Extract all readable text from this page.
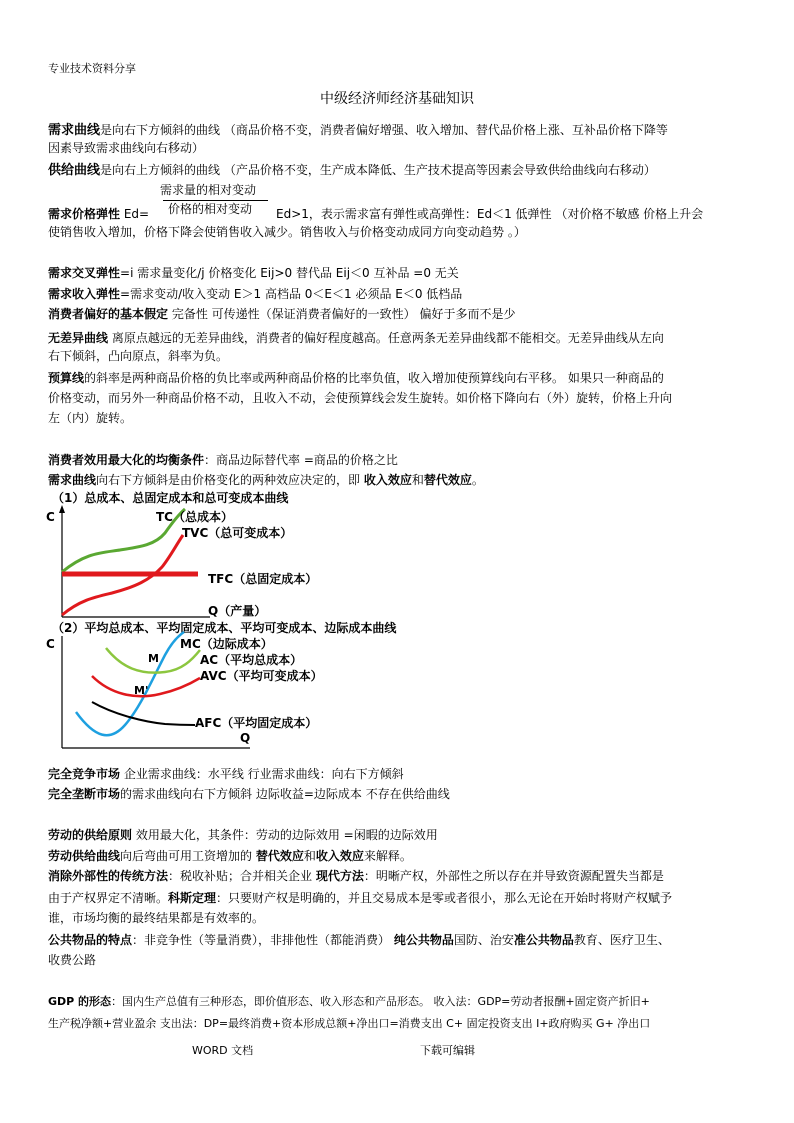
专业技术资料分享
中级经济师经济基础知识
需求曲线是向右下方倾斜的曲线 （商品价格不变，消费者偏好增强、收入增加、替代品价格上涨、互补品价格下降等
因素导致需求曲线向右移动）
供给曲线是向右上方倾斜的曲线 （产品价格不变，生产成本降低、生产技术提高等因素会导致供给曲线向右移动）
需求量的相对变动
价格的相对变动
需求价格弹性 Ed=	Ed>1，表示需求富有弹性或高弹性：Ed＜1 低弹性 （对价格不敏感 价格上升会
使销售收入增加，价格下降会使销售收入减少。销售收入与价格变动成同方向变动趋势 。）
需求交叉弹性=i 需求量变化/j 价格变化 Eij>0 替代品 Eij＜0 互补品 =0 无关
需求收入弹性=需求变动/收入变动 E＞1 高档品 0＜E＜1 必须品 E＜0 低档品
消费者偏好的基本假定 完备性 可传递性（保证消费者偏好的一致性） 偏好于多而不是少
无差异曲线 离原点越远的无差异曲线，消费者的偏好程度越高。任意两条无差异曲线都不能相交。无差异曲线从左向
右下倾斜，凸向原点，斜率为负。
预算线的斜率是两种商品价格的负比率或两种商品价格的比率负值，收入增加使预算线向右平移。 如果只一种商品的
价格变动，而另外一种商品价格不动，且收入不动，会使预算线会发生旋转。如价格下降向右（外）旋转，价格上升向
左（内）旋转。
消费者效用最大化的均衡条件：商品边际替代率 =商品的价格之比
需求曲线向右下方倾斜是由价格变化的两种效应决定的，即 收入效应和替代效应。
（1）总成本、总固定成本和总可变成本曲线
C
Q（产量）
TC（总成本）
TVC（总可变成本）
TFC（总固定成本）
（2）平均总成本、平均固定成本、平均可变成本、边际成本曲线
C
Q
M
M'
MC（边际成本）
AC（平均总成本）
AVC（平均可变成本）
AFC（平均固定成本）
完全竞争市场 企业需求曲线：水平线 行业需求曲线：向右下方倾斜
完全垄断市场的需求曲线向右下方倾斜 边际收益=边际成本 不存在供给曲线
劳动的供给原则 效用最大化，其条件：劳动的边际效用 =闲暇的边际效用
劳动供给曲线向后弯曲可用工资增加的 替代效应和收入效应来解释。
消除外部性的传统方法：税收补贴；合并相关企业 现代方法：明晰产权，外部性之所以存在并导致资源配置失当都是
由于产权界定不清晰。科斯定理：只要财产权是明确的，并且交易成本是零或者很小，那么无论在开始时将财产权赋予
谁，市场均衡的最终结果都是有效率的。
公共物品的特点：非竞争性（等量消费），非排他性（都能消费） 纯公共物品国防、治安准公共物品教育、医疗卫生、
收费公路
GDP 的形态：国内生产总值有三种形态，即价值形态、收入形态和产品形态。 收入法：GDP=劳动者报酬+固定资产折旧+
生产税净额+营业盈余 支出法：DP=最终消费+资本形成总额+净出口=消费支出 C+ 固定投资支出 I+政府购买 G+ 净出口
WORD 文档	下载可编辑
